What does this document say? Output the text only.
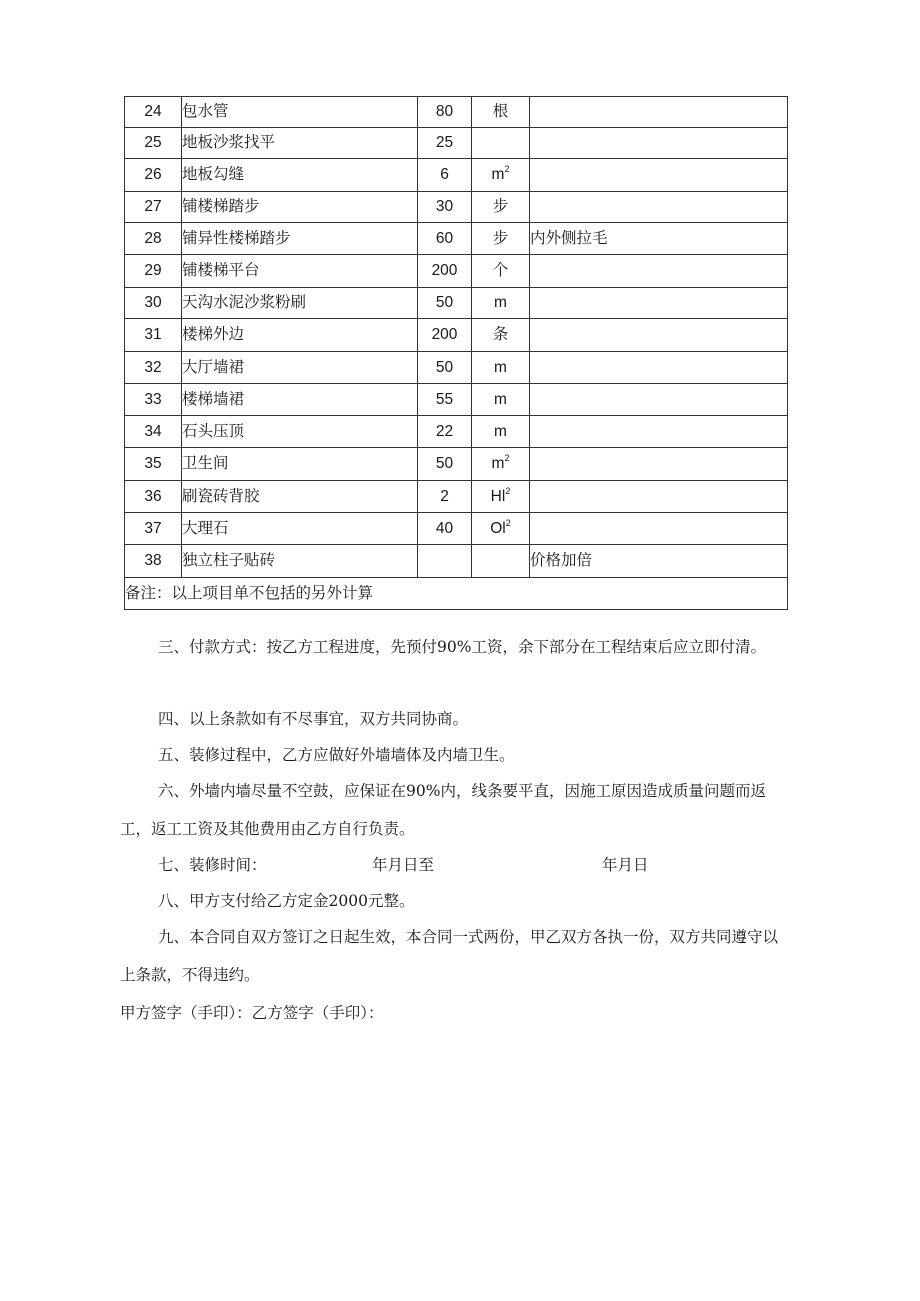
24	包水管	80	根	
25	地板沙浆找平	25		
26	地板勾缝	6	$m^2$	
27	铺楼梯踏步	30	步	
28	铺异性楼梯踏步	60	步	内外侧拉毛
29	铺楼梯平台	200	个	
30	天沟水泥沙浆粉刷	50	m	
31	楼梯外边	200	条	
32	大厅墙裙	50	m	
33	楼梯墙裙	55	m	
34	石头压顶	22	m	
35	卫生间	50	$m^2$	
36	刷瓷砖背胶	2	Hl$^2$	
37	大理石	40	Ol$^2$	
38	独立柱子贴砖			价格加倍
备注：以上项目单不包括的另外计算				
三、付款方式：按乙方工程进度，先预付90%工资，余下部分在工程结束后应立即付清。
四、以上条款如有不尽事宜，双方共同协商。
五、装修过程中，乙方应做好外墙墙体及内墙卫生。
六、外墙内墙尽量不空鼓，应保证在90%内，线条要平直，因施工原因造成质量问题而返工，返工工资及其他费用由乙方自行负责。
七、装修时间：	年月日至	年月日
八、甲方支付给乙方定金2000元整。
九、本合同自双方签订之日起生效，本合同一式两份，甲乙双方各执一份，双方共同遵守以上条款，不得违约。
甲方签字（手印）：乙方签字（手印）：
